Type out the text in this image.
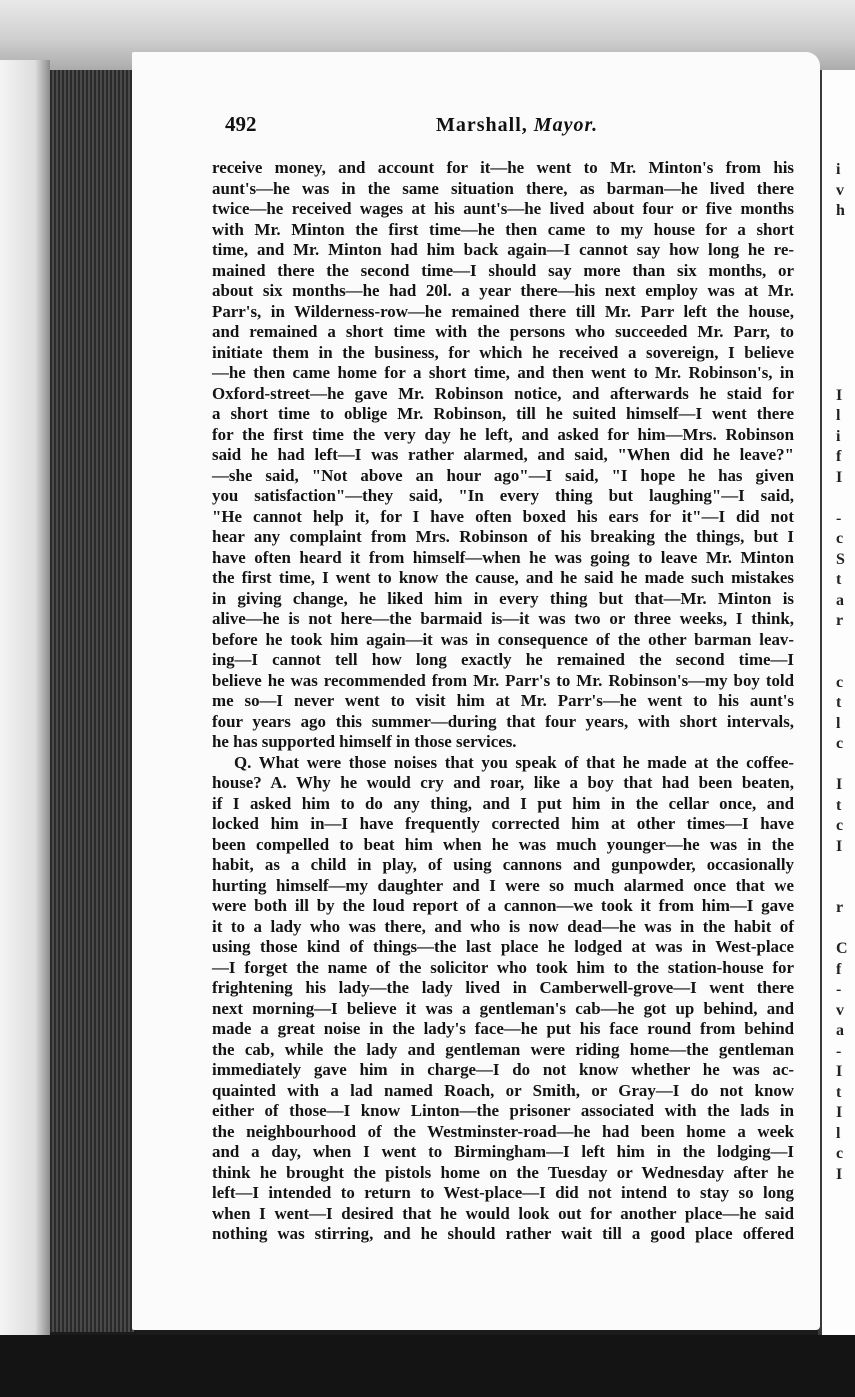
492	Marshall, Mayor.
receive money, and account for it—he went to Mr. Minton's from his
aunt's—he was in the same situation there, as barman—he lived there
twice—he received wages at his aunt's—he lived about four or five months
with Mr. Minton the first time—he then came to my house for a short
time, and Mr. Minton had him back again—I cannot say how long he re-
mained there the second time—I should say more than six months, or
about six months—he had 20l. a year there—his next employ was at Mr.
Parr's, in Wilderness-row—he remained there till Mr. Parr left the house,
and remained a short time with the persons who succeeded Mr. Parr, to
initiate them in the business, for which he received a sovereign, I believe
—he then came home for a short time, and then went to Mr. Robinson's, in
Oxford-street—he gave Mr. Robinson notice, and afterwards he staid for
a short time to oblige Mr. Robinson, till he suited himself—I went there
for the first time the very day he left, and asked for him—Mrs. Robinson
said he had left—I was rather alarmed, and said, "When did he leave?"
—she said, "Not above an hour ago"—I said, "I hope he has given
you satisfaction"—they said, "In every thing but laughing"—I said,
"He cannot help it, for I have often boxed his ears for it"—I did not
hear any complaint from Mrs. Robinson of his breaking the things, but I
have often heard it from himself—when he was going to leave Mr. Minton
the first time, I went to know the cause, and he said he made such mistakes
in giving change, he liked him in every thing but that—Mr. Minton is
alive—he is not here—the barmaid is—it was two or three weeks, I think,
before he took him again—it was in consequence of the other barman leav-
ing—I cannot tell how long exactly he remained the second time—I
believe he was recommended from Mr. Parr's to Mr. Robinson's—my boy told
me so—I never went to visit him at Mr. Parr's—he went to his aunt's
four years ago this summer—during that four years, with short intervals,
he has supported himself in those services.
Q. What were those noises that you speak of that he made at the coffee-
house? A. Why he would cry and roar, like a boy that had been beaten,
if I asked him to do any thing, and I put him in the cellar once, and
locked him in—I have frequently corrected him at other times—I have
been compelled to beat him when he was much younger—he was in the
habit, as a child in play, of using cannons and gunpowder, occasionally
hurting himself—my daughter and I were so much alarmed once that we
were both ill by the loud report of a cannon—we took it from him—I gave
it to a lady who was there, and who is now dead—he was in the habit of
using those kind of things—the last place he lodged at was in West-place
—I forget the name of the solicitor who took him to the station-house for
frightening his lady—the lady lived in Camberwell-grove—I went there
next morning—I believe it was a gentleman's cab—he got up behind, and
made a great noise in the lady's face—he put his face round from behind
the cab, while the lady and gentleman were riding home—the gentleman
immediately gave him in charge—I do not know whether he was ac-
quainted with a lad named Roach, or Smith, or Gray—I do not know
either of those—I know Linton—the prisoner associated with the lads in
the neighbourhood of the Westminster-road—he had been home a week
and a day, when I went to Birmingham—I left him in the lodging—I
think he brought the pistols home on the Tuesday or Wednesday after he
left—I intended to return to West-place—I did not intend to stay so long
when I went—I desired that he would look out for another place—he said
nothing was stirring, and he should rather wait till a good place offered
i
v
h
I
l
i
f
I
-
c
S
t
a
r
c
t
l
c
I
t
c
I
r
C
f
-
v
a
-
I
t
I
l
c
I
